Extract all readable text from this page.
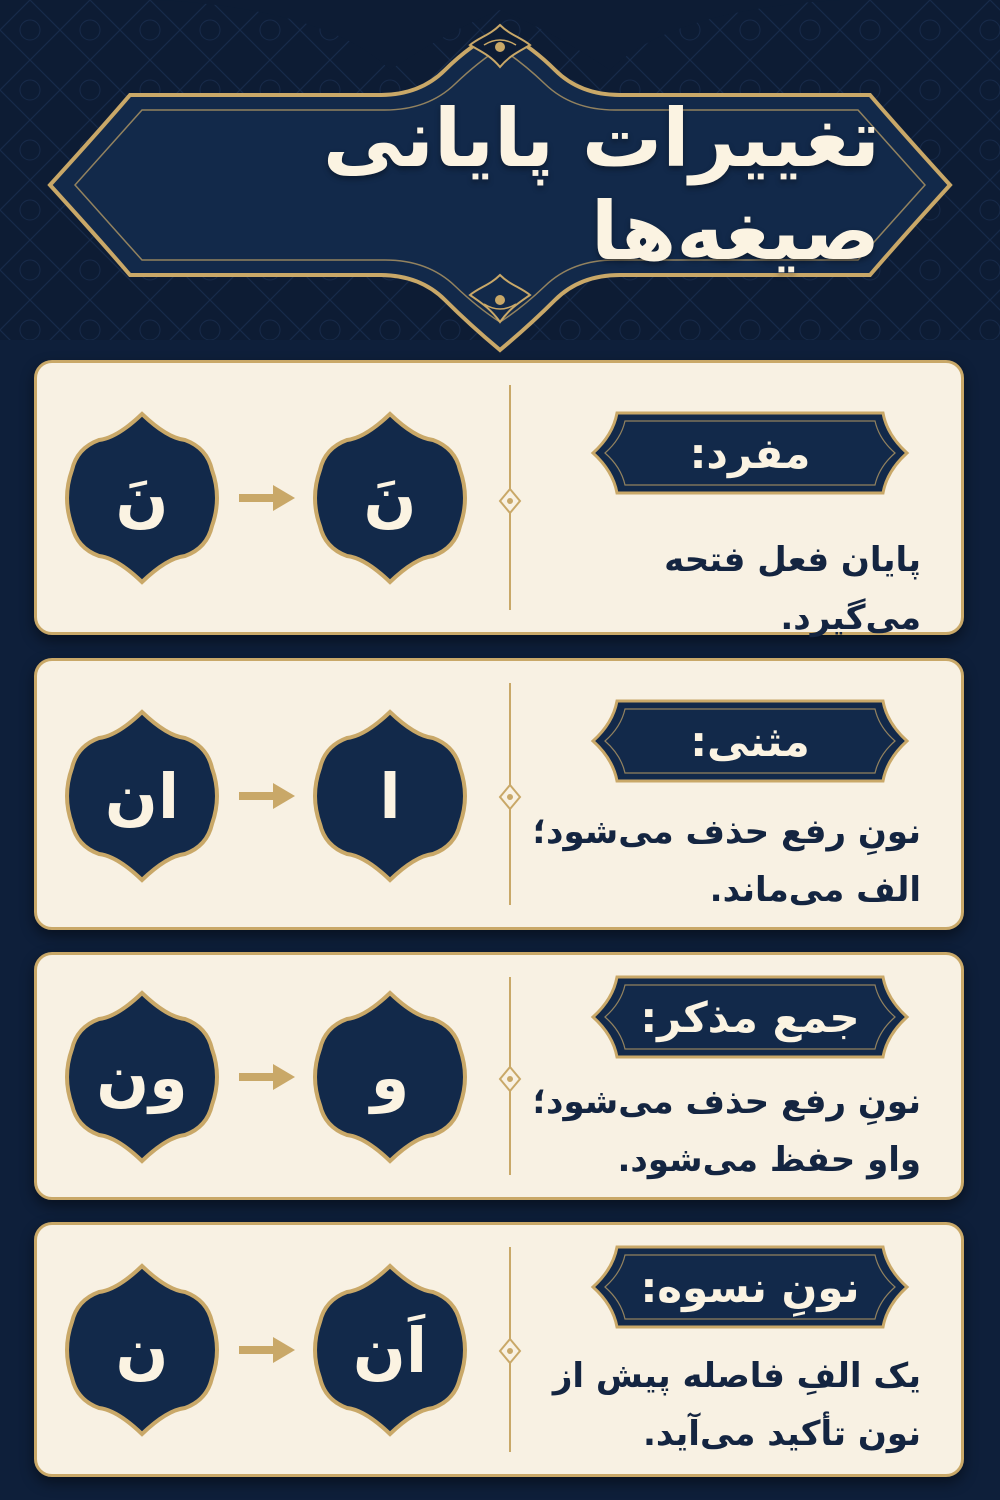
تغییرات پایانی صیغه‌ها
مفرد:
پایان فعل فتحه می‌گیرد.
نَ	نَ
مثنی:
نونِ رفع حذف می‌شود؛
الف می‌ماند.
ان	ا
جمع مذکر:
نونِ رفع حذف می‌شود؛
واو حفظ می‌شود.
ون	و
نونِ نسوه:
یک الفِ فاصله پیش از
نون تأکید می‌آید.
ن	اَن
